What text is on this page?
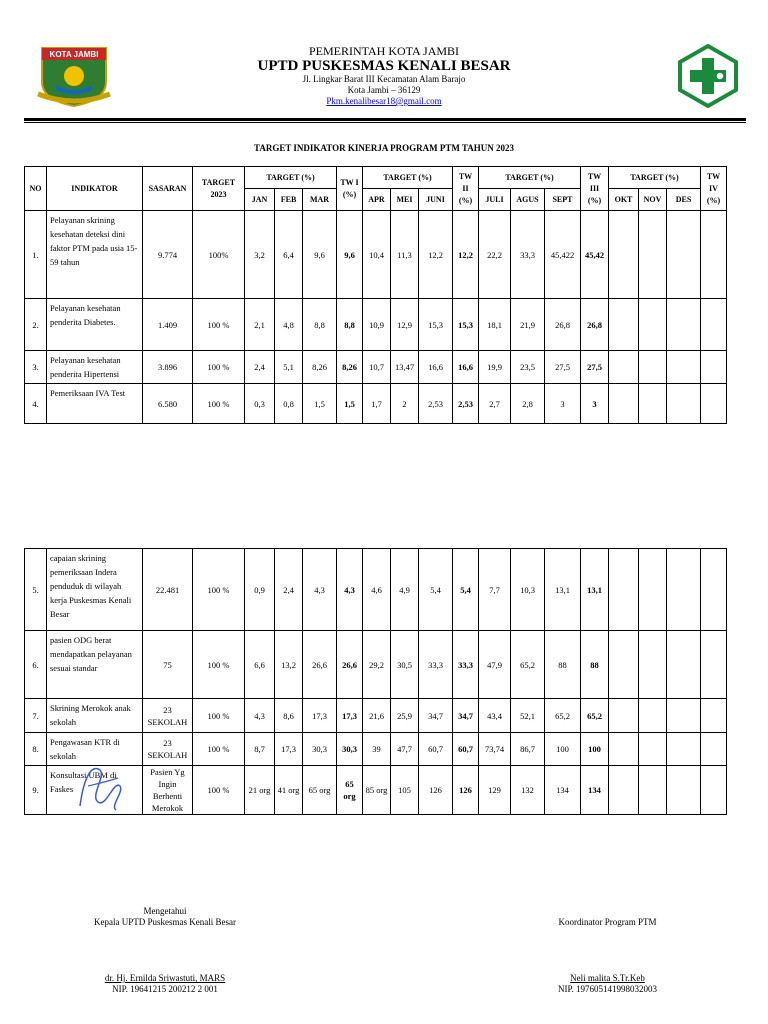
KOTA JAMBI	PEMERINTAH KOTA JAMBI
UPTD PUSKESMAS KENALI BESAR
Jl. Lingkar Barat III Kecamatan Alam Barajo
Kota Jambi – 36129
Pkm.kenalibesar18@gmail.com
TARGET INDIKATOR KINERJA PROGRAM PTM TAHUN 2023
NO	INDIKATOR	SASARAN	TARGET 2023	TARGET (%)			TW I (%)	TARGET (%)			TW II (%)	TARGET (%)			TW III (%)	TARGET (%)			TW IV (%)
				JAN	FEB	MAR		APR	MEI	JUNI		JULI	AGUS	SEPT		OKT	NOV	DES	
1.	Pelayanan skrining kesehatan deteksi dini faktor PTM pada usia 15-59 tahun	9.774	100%	3,2	6,4	9,6	9,6	10,4	11,3	12,2	12,2	22,2	33,3	45,422	45,42				
2.	Pelayanan kesehatan penderita Diabetes.	1.409	100 %	2,1	4,8	8,8	8,8	10,9	12,9	15,3	15,3	18,1	21,9	26,8	26,8				
3.	Pelayanan kesehatan penderita Hipertensi	3.896	100 %	2,4	5,1	8,26	8,26	10,7	13,47	16,6	16,6	19,9	23,5	27,5	27,5				
4.	Pemeriksaan IVA Test	6.580	100 %	0,3	0,8	1,5	1,5	1,7	2	2,53	2,53	2,7	2,8	3	3				
5.	capaian skrining pemeriksaan Indera penduduk di wilayah kerja Puskesmas Kenali Besar	22.481	100 %	0,9	2,4	4,3	4,3	4,6	4,9	5,4	5,4	7,7	10,3	13,1	13,1				
6.	pasien ODG berat mendapatkan pelayanan sesuai standar	75	100 %	6,6	13,2	26,6	26,6	29,2	30,5	33,3	33,3	47,9	65,2	88	88				
7.	Skrining Merokok anak sekolah	23 SEKOLAH	100 %	4,3	8,6	17,3	17,3	21,6	25,9	34,7	34,7	43,4	52,1	65,2	65,2				
8.	Pengawasan KTR di sekolah	23 SEKOLAH	100 %	8,7	17,3	30,3	30,3	39	47,7	60,7	60,7	73,74	86,7	100	100				
9.	Konsultasi UBM di Faskes	Pasien Yg Ingin Berhenti Merokok	100 %	21 org	41 org	65 org	65 org	85 org	105	126	126	129	132	134	134				
Mengetahui
Kepala UPTD Puskesmas Kenali Besar
dr. Hj. Ernilda Sriwastuti, MARS
NIP. 19641215 200212 2 001
Koordinator Program PTM
Neli malita S.Tr.Keb
NIP. 197605141998032003
